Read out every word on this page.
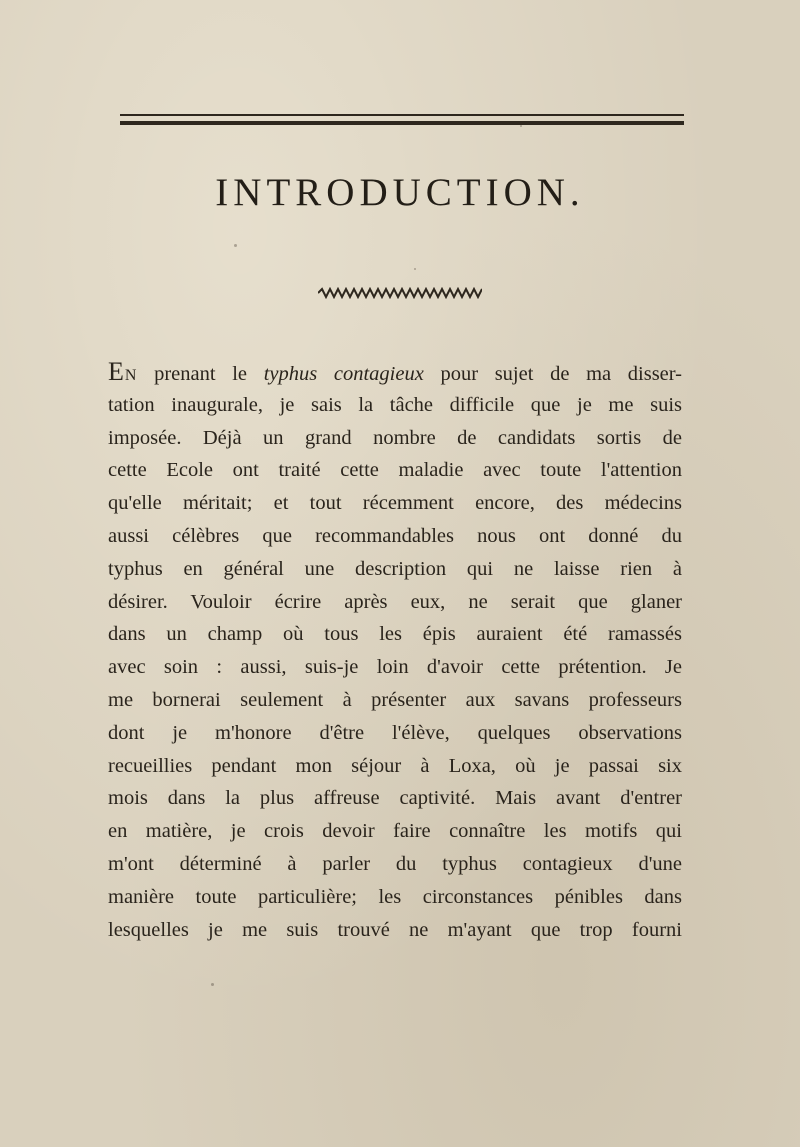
INTRODUCTION.
EN prenant le typhus contagieux pour sujet de ma disser-
tation inaugurale, je sais la tâche difficile que je me suis
imposée. Déjà un grand nombre de candidats sortis de
cette Ecole ont traité cette maladie avec toute l'attention
qu'elle méritait; et tout récemment encore, des médecins
aussi célèbres que recommandables nous ont donné du
typhus en général une description qui ne laisse rien à
désirer. Vouloir écrire après eux, ne serait que glaner
dans un champ où tous les épis auraient été ramassés
avec soin : aussi, suis-je loin d'avoir cette prétention. Je
me bornerai seulement à présenter aux savans professeurs
dont je m'honore d'être l'élève, quelques observations
recueillies pendant mon séjour à Loxa, où je passai six
mois dans la plus affreuse captivité. Mais avant d'entrer
en matière, je crois devoir faire connaître les motifs qui
m'ont déterminé à parler du typhus contagieux d'une
manière toute particulière; les circonstances pénibles dans
lesquelles je me suis trouvé ne m'ayant que trop fourni
